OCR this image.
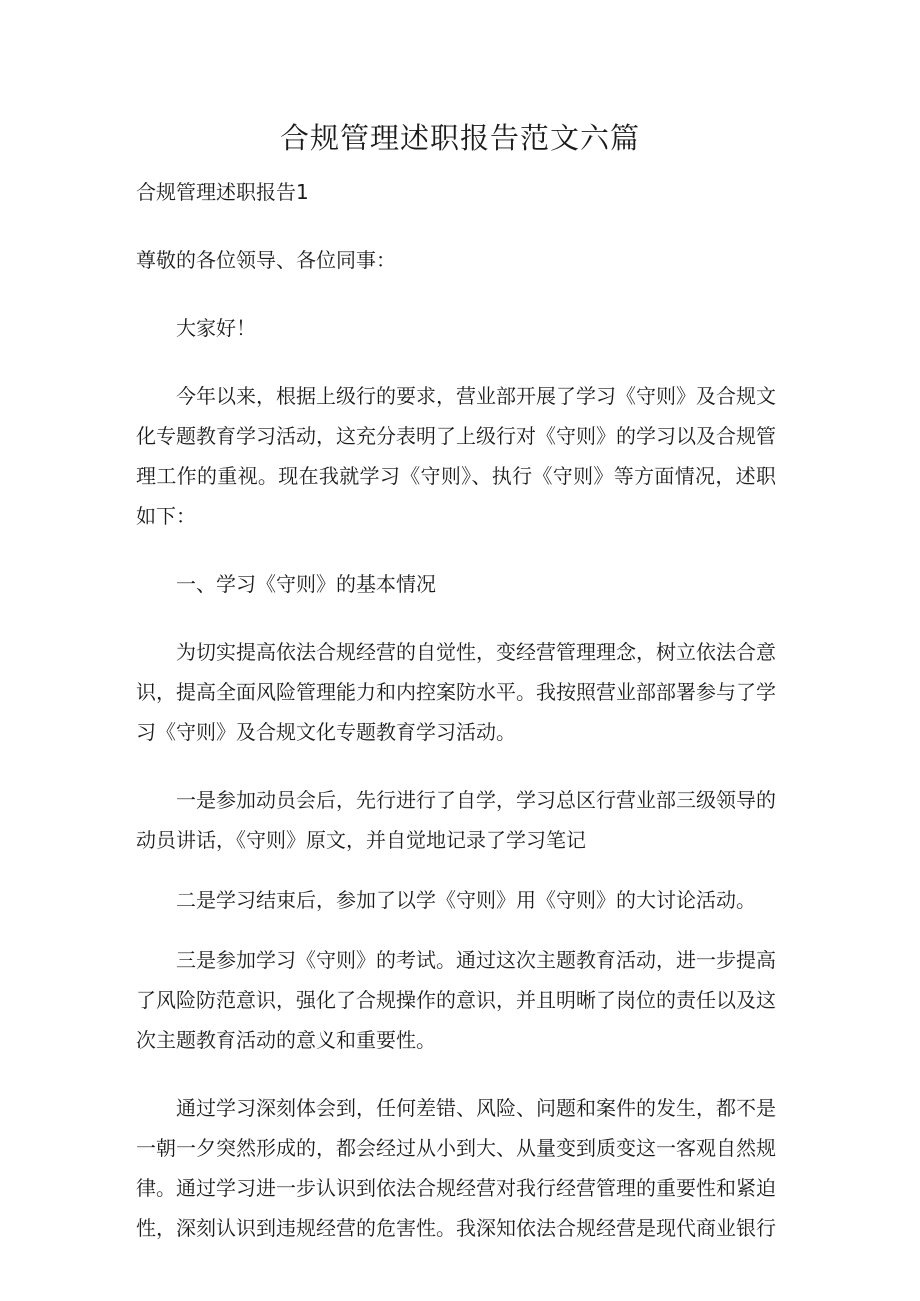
合规管理述职报告范文六篇

合规管理述职报告1

尊敬的各位领导、各位同事：

大家好！

今年以来，根据上级行的要求，营业部开展了学习《守则》及合规文化专题教育学习活动，这充分表明了上级行对《守则》的学习以及合规管理工作的重视。现在我就学习《守则》、执行《守则》等方面情况，述职如下：

一、学习《守则》的基本情况

为切实提高依法合规经营的自觉性，变经营管理理念，树立依法合意识，提高全面风险管理能力和内控案防水平。我按照营业部部署参与了学习《守则》及合规文化专题教育学习活动。

一是参加动员会后，先行进行了自学，学习总区行营业部三级领导的动员讲话，《守则》原文，并自觉地记录了学习笔记

二是学习结束后，参加了以学《守则》用《守则》的大讨论活动。

三是参加学习《守则》的考试。通过这次主题教育活动，进一步提高了风险防范意识，强化了合规操作的意识，并且明晰了岗位的责任以及这次主题教育活动的意义和重要性。

通过学习深刻体会到，任何差错、风险、问题和案件的发生，都不是一朝一夕突然形成的，都会经过从小到大、从量变到质变这一客观自然规律。通过学习进一步认识到依法合规经营对我行经营管理的重要性和紧迫性，深刻认识到违规经营的危害性。我深知依法合规经营是现代商业银行
